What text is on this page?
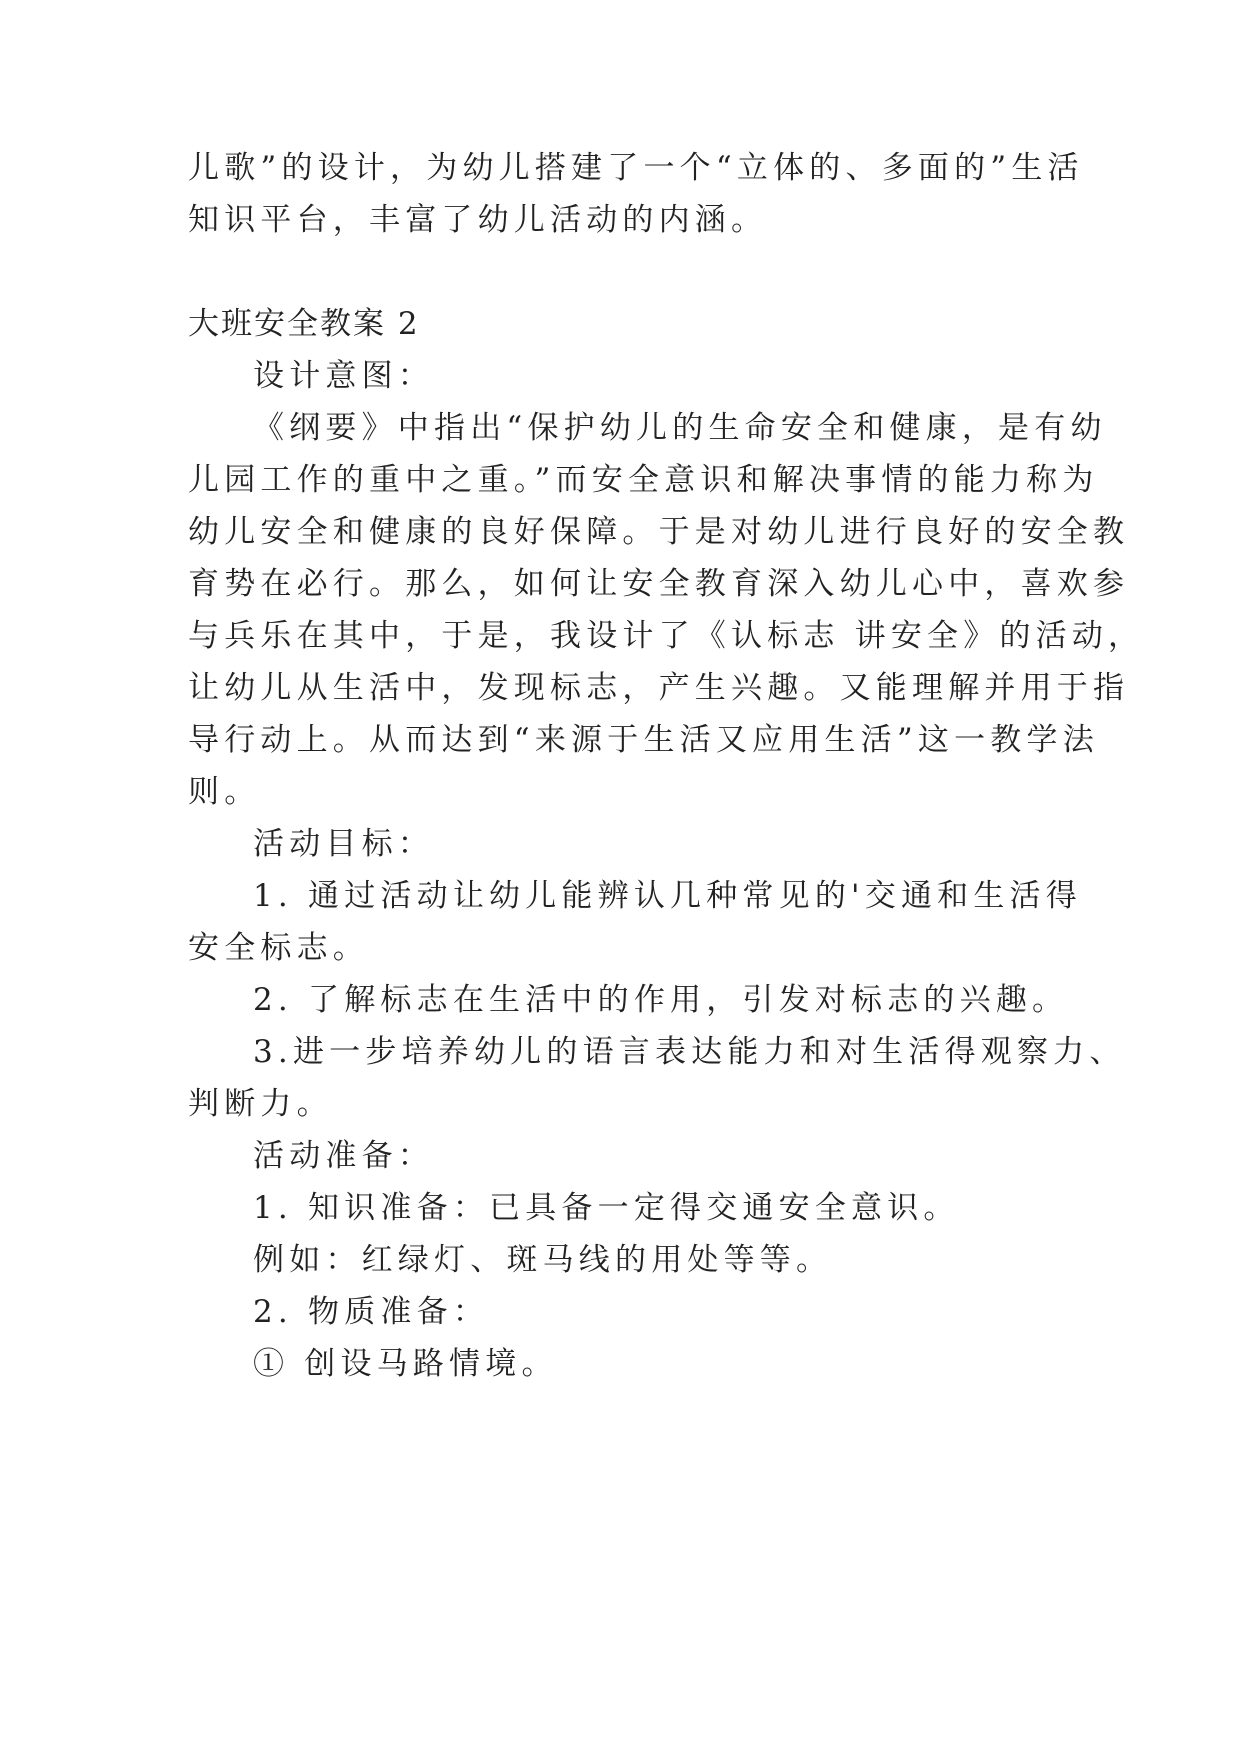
儿歌”的设计，为幼儿搭建了一个“立体的、多面的”生活
知识平台，丰富了幼儿活动的内涵。
大班安全教案 2
设计意图：
《纲要》中指出“保护幼儿的生命安全和健康，是有幼
儿园工作的重中之重。”而安全意识和解决事情的能力称为
幼儿安全和健康的良好保障。于是对幼儿进行良好的安全教
育势在必行。那么，如何让安全教育深入幼儿心中，喜欢参
与兵乐在其中，于是，我设计了《认标志 讲安全》的活动，
让幼儿从生活中，发现标志，产生兴趣。又能理解并用于指
导行动上。从而达到“来源于生活又应用生活”这一教学法
则。
活动目标：
1. 通过活动让幼儿能辨认几种常见的'交通和生活得
安全标志。
2. 了解标志在生活中的作用，引发对标志的兴趣。
3.进一步培养幼儿的语言表达能力和对生活得观察力、
判断力。
活动准备：
1. 知识准备：已具备一定得交通安全意识。
例如：红绿灯、斑马线的用处等等。
2. 物质准备：
① 创设马路情境。
